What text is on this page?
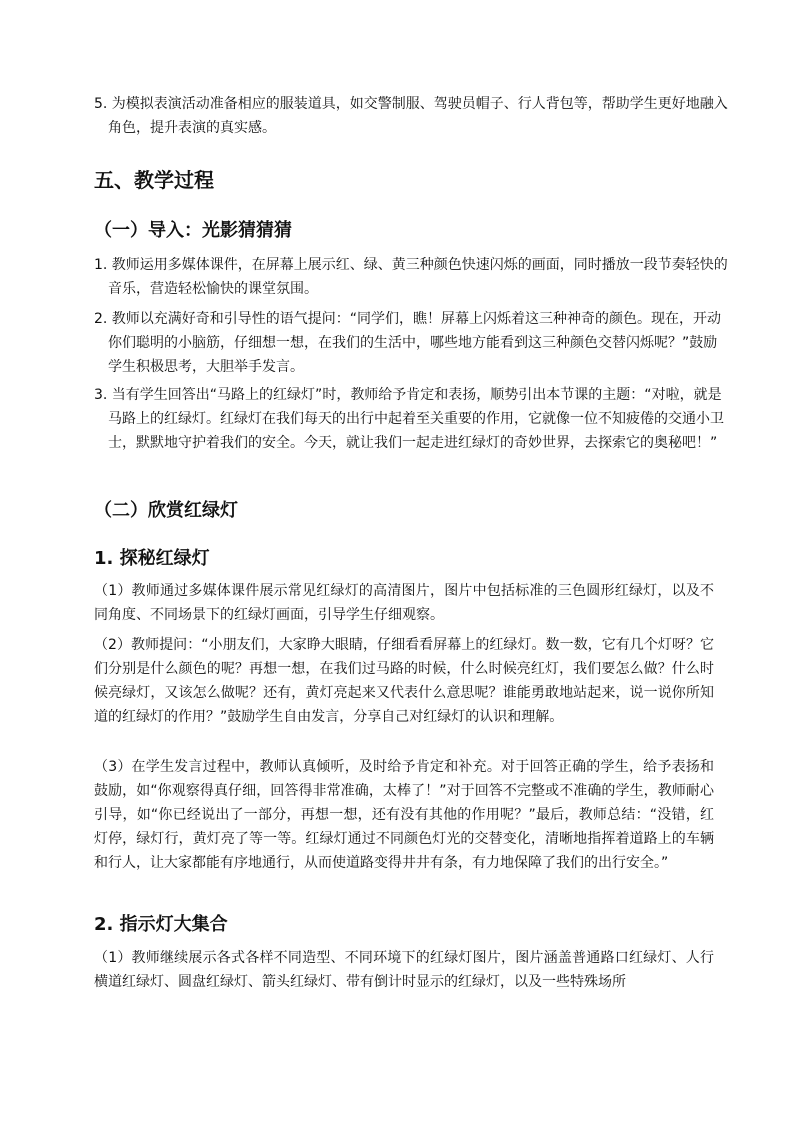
5. 为模拟表演活动准备相应的服装道具，如交警制服、驾驶员帽子、行人背包等，帮助学生更好地融入角色，提升表演的真实感。
五、教学过程
（一）导入：光影猜猜猜
1. 教师运用多媒体课件，在屏幕上展示红、绿、黄三种颜色快速闪烁的画面，同时播放一段节奏轻快的音乐，营造轻松愉快的课堂氛围。
2. 教师以充满好奇和引导性的语气提问：“同学们，瞧！屏幕上闪烁着这三种神奇的颜色。现在，开动你们聪明的小脑筋，仔细想一想，在我们的生活中，哪些地方能看到这三种颜色交替闪烁呢？”鼓励学生积极思考，大胆举手发言。
3. 当有学生回答出“马路上的红绿灯”时，教师给予肯定和表扬，顺势引出本节课的主题：“对啦，就是马路上的红绿灯。红绿灯在我们每天的出行中起着至关重要的作用，它就像一位不知疲倦的交通小卫士，默默地守护着我们的安全。今天，就让我们一起走进红绿灯的奇妙世界，去探索它的奥秘吧！”
（二）欣赏红绿灯
1. 探秘红绿灯
（1）教师通过多媒体课件展示常见红绿灯的高清图片，图片中包括标准的三色圆形红绿灯，以及不同角度、不同场景下的红绿灯画面，引导学生仔细观察。
（2）教师提问：“小朋友们，大家睁大眼睛，仔细看看屏幕上的红绿灯。数一数，它有几个灯呀？它们分别是什么颜色的呢？再想一想，在我们过马路的时候，什么时候亮红灯，我们要怎么做？什么时候亮绿灯，又该怎么做呢？还有，黄灯亮起来又代表什么意思呢？谁能勇敢地站起来，说一说你所知道的红绿灯的作用？”鼓励学生自由发言，分享自己对红绿灯的认识和理解。
（3）在学生发言过程中，教师认真倾听，及时给予肯定和补充。对于回答正确的学生，给予表扬和鼓励，如“你观察得真仔细，回答得非常准确，太棒了！”对于回答不完整或不准确的学生，教师耐心引导，如“你已经说出了一部分，再想一想，还有没有其他的作用呢？”最后，教师总结：“没错，红灯停，绿灯行，黄灯亮了等一等。红绿灯通过不同颜色灯光的交替变化，清晰地指挥着道路上的车辆和行人，让大家都能有序地通行，从而使道路变得井井有条，有力地保障了我们的出行安全。”
2. 指示灯大集合
（1）教师继续展示各式各样不同造型、不同环境下的红绿灯图片，图片涵盖普通路口红绿灯、人行横道红绿灯、圆盘红绿灯、箭头红绿灯、带有倒计时显示的红绿灯，以及一些特殊场所
